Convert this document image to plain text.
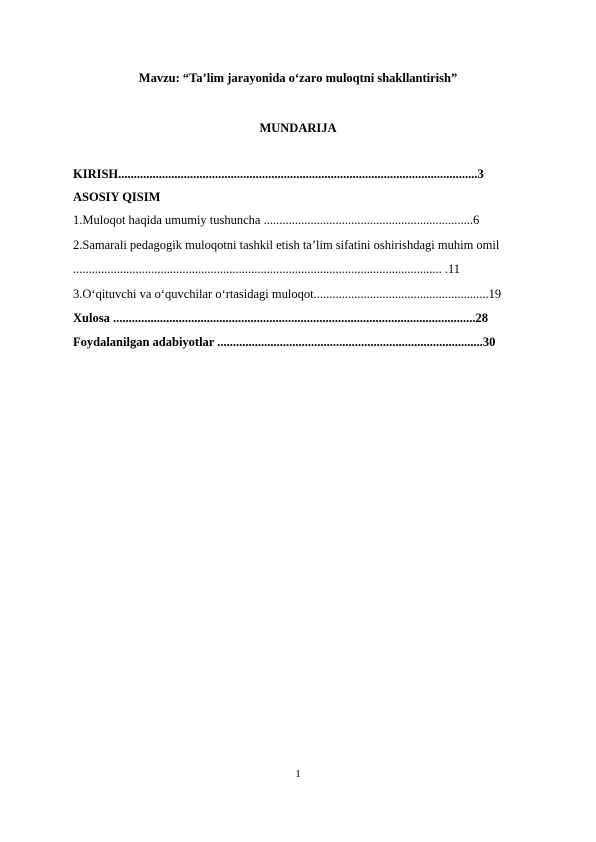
Mavzu: “Ta’lim jarayonida o‘zaro muloqtni shakllantirish”
MUNDARIJA
KIRISH...................................................................................................................3
ASOSIY QISIM
1.Muloqot haqida umumiy tushuncha ...................................................................6
2.Samarali pedagogik muloqotni tashkil etish ta’lim sifatini oshirishdagi muhim omil
...................................................................................................................... .11
3.O‘qituvchi va o‘quvchilar o‘rtasidagi muloqot........................................................19
Xulosa ....................................................................................................................28
Foydalanilgan adabiyotlar .....................................................................................30
1
